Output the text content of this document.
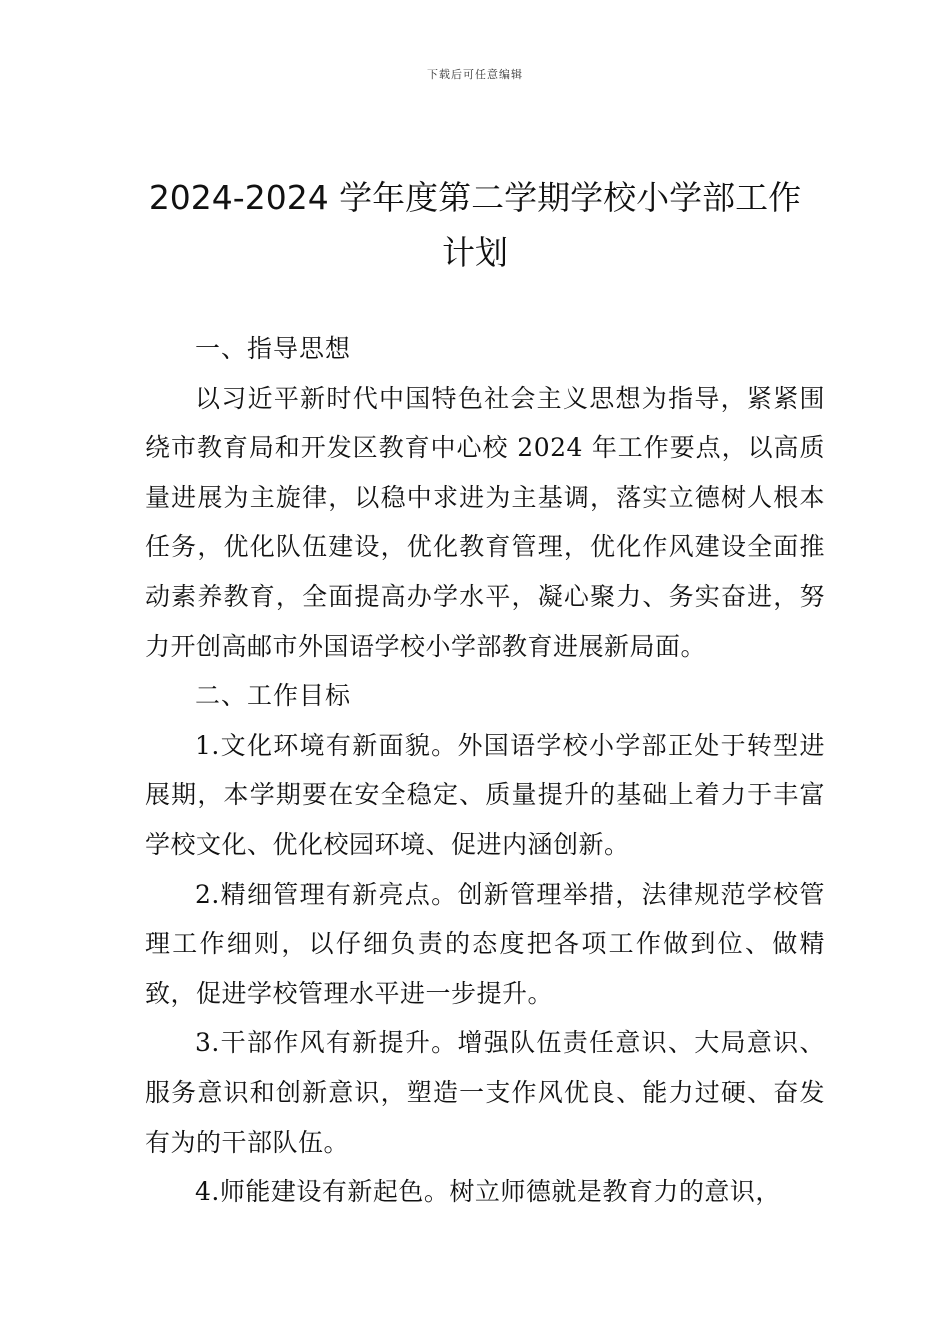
下载后可任意编辑
2024-2024 学年度第二学期学校小学部工作
计划

一、指导思想

以习近平新时代中国特色社会主义思想为指导，紧紧围绕市教育局和开发区教育中心校 2024 年工作要点，以高质量进展为主旋律，以稳中求进为主基调，落实立德树人根本任务，优化队伍建设，优化教育管理，优化作风建设全面推动素养教育，全面提高办学水平，凝心聚力、务实奋进，努力开创高邮市外国语学校小学部教育进展新局面。

二、工作目标

1.文化环境有新面貌。外国语学校小学部正处于转型进展期，本学期要在安全稳定、质量提升的基础上着力于丰富学校文化、优化校园环境、促进内涵创新。

2.精细管理有新亮点。创新管理举措，法律规范学校管理工作细则，以仔细负责的态度把各项工作做到位、做精致，促进学校管理水平进一步提升。

3.干部作风有新提升。增强队伍责任意识、大局意识、服务意识和创新意识，塑造一支作风优良、能力过硬、奋发有为的干部队伍。

4.师能建设有新起色。树立师德就是教育力的意识，
